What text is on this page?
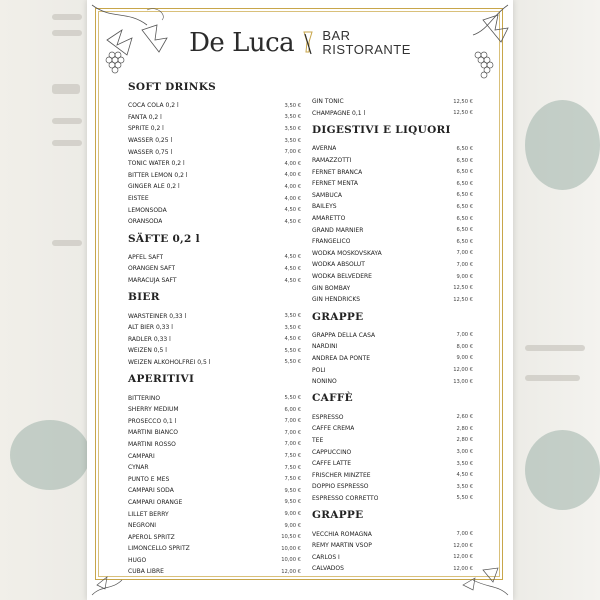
De Luca BAR
RISTORANTE
SOFT DRINKS
COCA COLA 0,2 l	3,50 €
FANTA 0,2 l	3,50 €
SPRITE 0,2 l	3,50 €
WASSER 0,25 l	3,50 €
WASSER 0,75 l	7,00 €
TONIC WATER 0,2 l	4,00 €
BITTER LEMON 0,2 l	4,00 €
GINGER ALE 0,2 l	4,00 €
EISTEE	4,00 €
LEMONSODA	4,50 €
ORANSODA	4,50 €
SÄFTE 0,2 l
APFEL SAFT	4,50 €
ORANGEN SAFT	4,50 €
MARACUJA SAFT	4,50 €
BIER
WARSTEINER 0,33 l	3,50 €
ALT BIER 0,33 l	3,50 €
RADLER 0,33 l	4,50 €
WEIZEN 0,5 l	5,50 €
WEIZEN ALKOHOLFREI 0,5 l	5,50 €
APERITIVI
BITTERINO	5,50 €
SHERRY MEDIUM	6,00 €
PROSECCO 0,1 l	7,00 €
MARTINI BIANCO	7,00 €
MARTINI ROSSO	7,00 €
CAMPARI	7,50 €
CYNAR	7,50 €
PUNTO E MES	7,50 €
CAMPARI SODA	9,50 €
CAMPARI ORANGE	9,50 €
LILLET BERRY	9,00 €
NEGRONI	9,00 €
APEROL SPRITZ	10,50 €
LIMONCELLO SPRITZ	10,00 €
HUGO	10,00 €
CUBA LIBRE	12,00 €
GIN TONIC	12,50 €
CHAMPAGNE 0,1 l	12,50 €
DIGESTIVI E LIQUORI
AVERNA	6,50 €
RAMAZZOTTI	6,50 €
FERNET BRANCA	6,50 €
FERNET MENTA	6,50 €
SAMBUCA	6,50 €
BAILEYS	6,50 €
AMARETTO	6,50 €
GRAND MARNIER	6,50 €
FRANGELICO	6,50 €
WODKA MOSKOVSKAYA	7,00 €
WODKA ABSOLUT	7,00 €
WODKA BELVEDERE	9,00 €
GIN BOMBAY	12,50 €
GIN HENDRICKS	12,50 €
GRAPPE
GRAPPA DELLA CASA	7,00 €
NARDINI	8,00 €
ANDREA DA PONTE	9,00 €
POLI	12,00 €
NONINO	13,00 €
CAFFÈ
ESPRESSO	2,60 €
CAFFÈ CREMA	2,80 €
TEE	2,80 €
CAPPUCCINO	3,00 €
CAFFÈ LATTE	3,50 €
FRISCHER MINZTEE	4,50 €
DOPPIO ESPRESSO	3,50 €
ESPRESSO CORRETTO	5,50 €
GRAPPE
VECCHIA ROMAGNA	7,00 €
REMY MARTIN VSOP	12,00 €
CARLOS I	12,00 €
CALVADOS	12,00 €
